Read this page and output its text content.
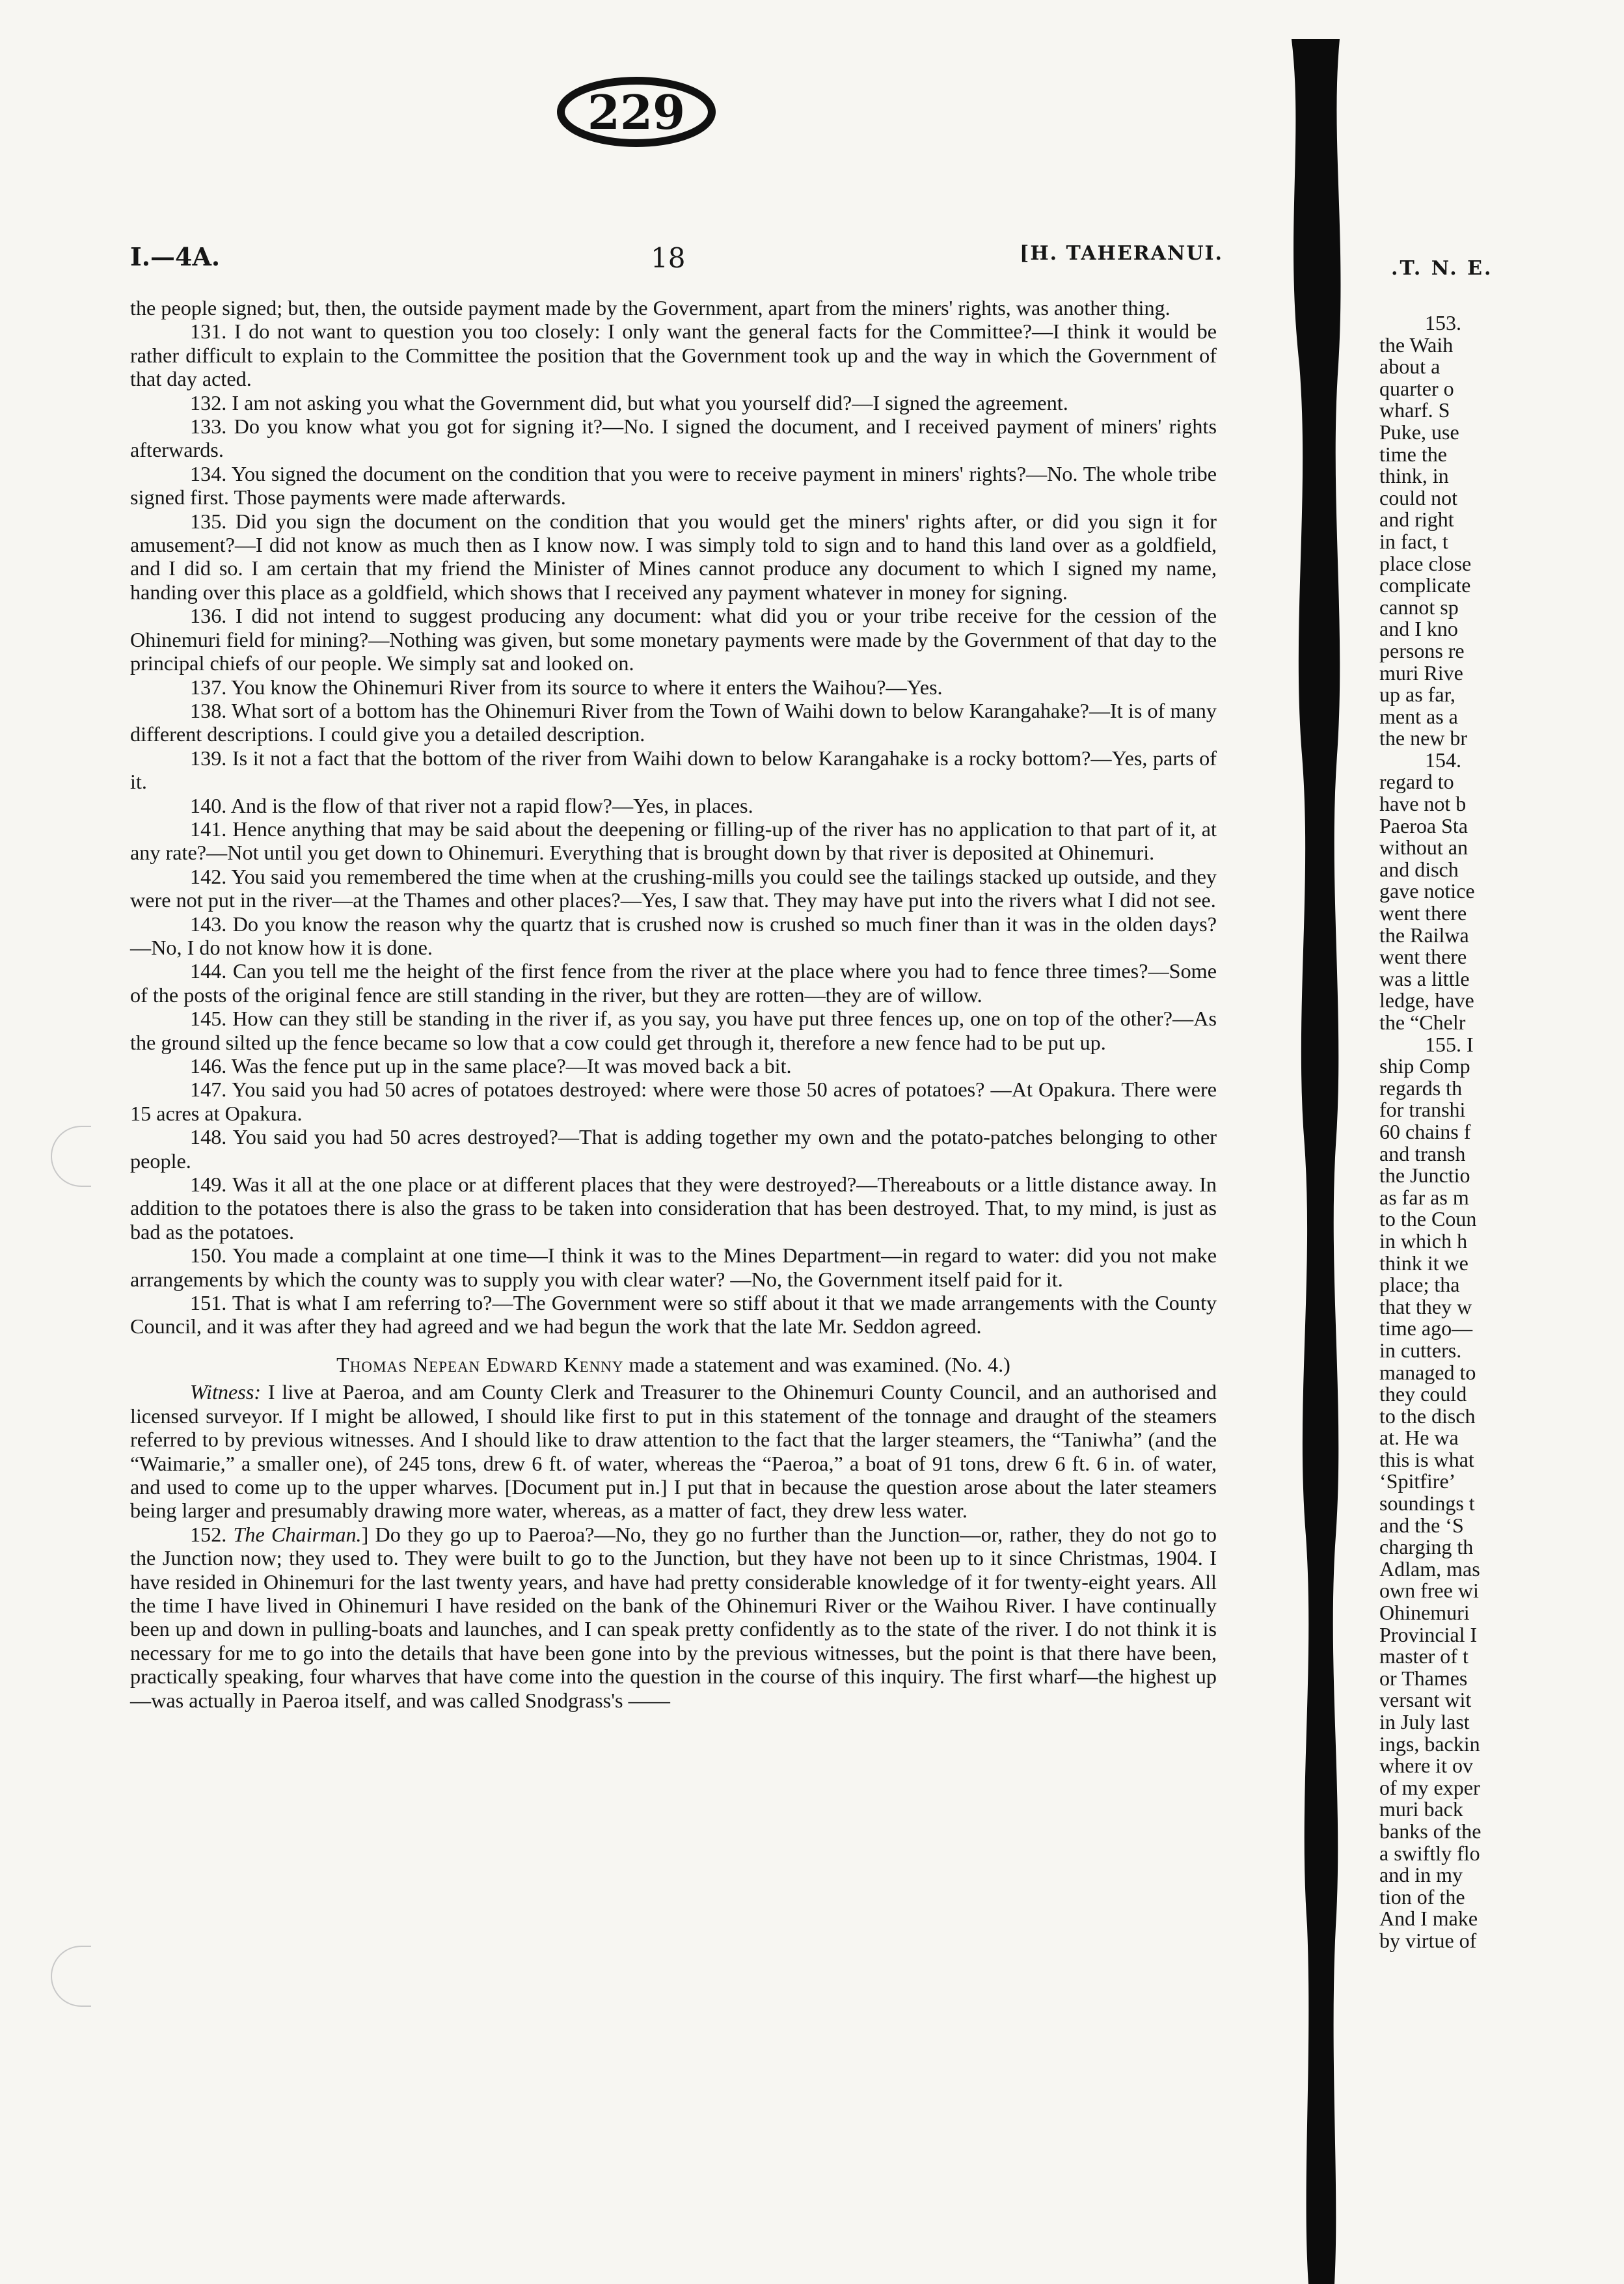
229
I.—4A.	18	[H. TAHERANUI.

the people signed; but, then, the outside payment made by the Government, apart from the miners' rights, was another thing.

131. I do not want to question you too closely: I only want the general facts for the Committee?—I think it would be rather difficult to explain to the Committee the position that the Government took up and the way in which the Government of that day acted.

132. I am not asking you what the Government did, but what you yourself did?—I signed the agreement.

133. Do you know what you got for signing it?—No. I signed the document, and I received payment of miners' rights afterwards.

134. You signed the document on the condition that you were to receive payment in miners' rights?—No. The whole tribe signed first. Those payments were made afterwards.

135. Did you sign the document on the condition that you would get the miners' rights after, or did you sign it for amusement?—I did not know as much then as I know now. I was simply told to sign and to hand this land over as a goldfield, and I did so. I am certain that my friend the Minister of Mines cannot produce any document to which I signed my name, handing over this place as a goldfield, which shows that I received any payment whatever in money for signing.

136. I did not intend to suggest producing any document: what did you or your tribe receive for the cession of the Ohinemuri field for mining?—Nothing was given, but some monetary payments were made by the Government of that day to the principal chiefs of our people. We simply sat and looked on.

137. You know the Ohinemuri River from its source to where it enters the Waihou?—Yes.

138. What sort of a bottom has the Ohinemuri River from the Town of Waihi down to below Karangahake?—It is of many different descriptions. I could give you a detailed description.

139. Is it not a fact that the bottom of the river from Waihi down to below Karangahake is a rocky bottom?—Yes, parts of it.

140. And is the flow of that river not a rapid flow?—Yes, in places.

141. Hence anything that may be said about the deepening or filling-up of the river has no application to that part of it, at any rate?—Not until you get down to Ohinemuri. Everything that is brought down by that river is deposited at Ohinemuri.

142. You said you remembered the time when at the crushing-mills you could see the tailings stacked up outside, and they were not put in the river—at the Thames and other places?—Yes, I saw that. They may have put into the rivers what I did not see.

143. Do you know the reason why the quartz that is crushed now is crushed so much finer than it was in the olden days?—No, I do not know how it is done.

144. Can you tell me the height of the first fence from the river at the place where you had to fence three times?—Some of the posts of the original fence are still standing in the river, but they are rotten—they are of willow.

145. How can they still be standing in the river if, as you say, you have put three fences up, one on top of the other?—As the ground silted up the fence became so low that a cow could get through it, therefore a new fence had to be put up.

146. Was the fence put up in the same place?—It was moved back a bit.

147. You said you had 50 acres of potatoes destroyed: where were those 50 acres of potatoes? —At Opakura. There were 15 acres at Opakura.

148. You said you had 50 acres destroyed?—That is adding together my own and the potato-patches belonging to other people.

149. Was it all at the one place or at different places that they were destroyed?—Thereabouts or a little distance away. In addition to the potatoes there is also the grass to be taken into consideration that has been destroyed. That, to my mind, is just as bad as the potatoes.

150. You made a complaint at one time—I think it was to the Mines Department—in regard to water: did you not make arrangements by which the county was to supply you with clear water? —No, the Government itself paid for it.

151. That is what I am referring to?—The Government were so stiff about it that we made arrangements with the County Council, and it was after they had agreed and we had begun the work that the late Mr. Seddon agreed.

Thomas Nepean Edward Kenny made a statement and was examined. (No. 4.)

Witness: I live at Paeroa, and am County Clerk and Treasurer to the Ohinemuri County Council, and an authorised and licensed surveyor. If I might be allowed, I should like first to put in this statement of the tonnage and draught of the steamers referred to by previous witnesses. And I should like to draw attention to the fact that the larger steamers, the “Taniwha” (and the “Waimarie,” a smaller one), of 245 tons, drew 6 ft. of water, whereas the “Paeroa,” a boat of 91 tons, drew 6 ft. 6 in. of water, and used to come up to the upper wharves. [Document put in.] I put that in because the question arose about the later steamers being larger and presumably drawing more water, whereas, as a matter of fact, they drew less water.

152. The Chairman.] Do they go up to Paeroa?—No, they go no further than the Junction—or, rather, they do not go to the Junction now; they used to. They were built to go to the Junction, but they have not been up to it since Christmas, 1904. I have resided in Ohinemuri for the last twenty years, and have had pretty considerable knowledge of it for twenty-eight years. All the time I have lived in Ohinemuri I have resided on the bank of the Ohinemuri River or the Waihou River. I have continually been up and down in pulling-boats and launches, and I can speak pretty confidently as to the state of the river. I do not think it is necessary for me to go into the details that have been gone into by the previous witnesses, but the point is that there have been, practically speaking, four wharves that have come into the question in the course of this inquiry. The first wharf—the highest up—was actually in Paeroa itself, and was called Snodgrass's ——

.T. N. E.
153.
the Waih
about a
quarter o
wharf. S
Puke, use
time the
think, in
could not
and right
in fact, t
place close
complicate
cannot sp
and I kno
persons re
muri Rive
up as far,
ment as a
the new br
154.
regard to
have not b
Paeroa Sta
without an
and disch
gave notice
went there
the Railwa
went there
was a little
ledge, have
the “Chelr
155. I
ship Comp
regards th
for transhi
60 chains f
and transh
the Junctio
as far as m
to the Coun
in which h
think it we
place; tha
that they w
time ago—
in cutters.
managed to
they could
to the disch
at. He wa
this is what
‘Spitfire’
soundings t
and the ‘S
charging th
Adlam, mas
own free wi
Ohinemuri
Provincial I
master of t
or Thames
versant wit
in July last
ings, backin
where it ov
of my exper
muri back
banks of the
a swiftly flo
and in my
tion of the
And I make
by virtue of
